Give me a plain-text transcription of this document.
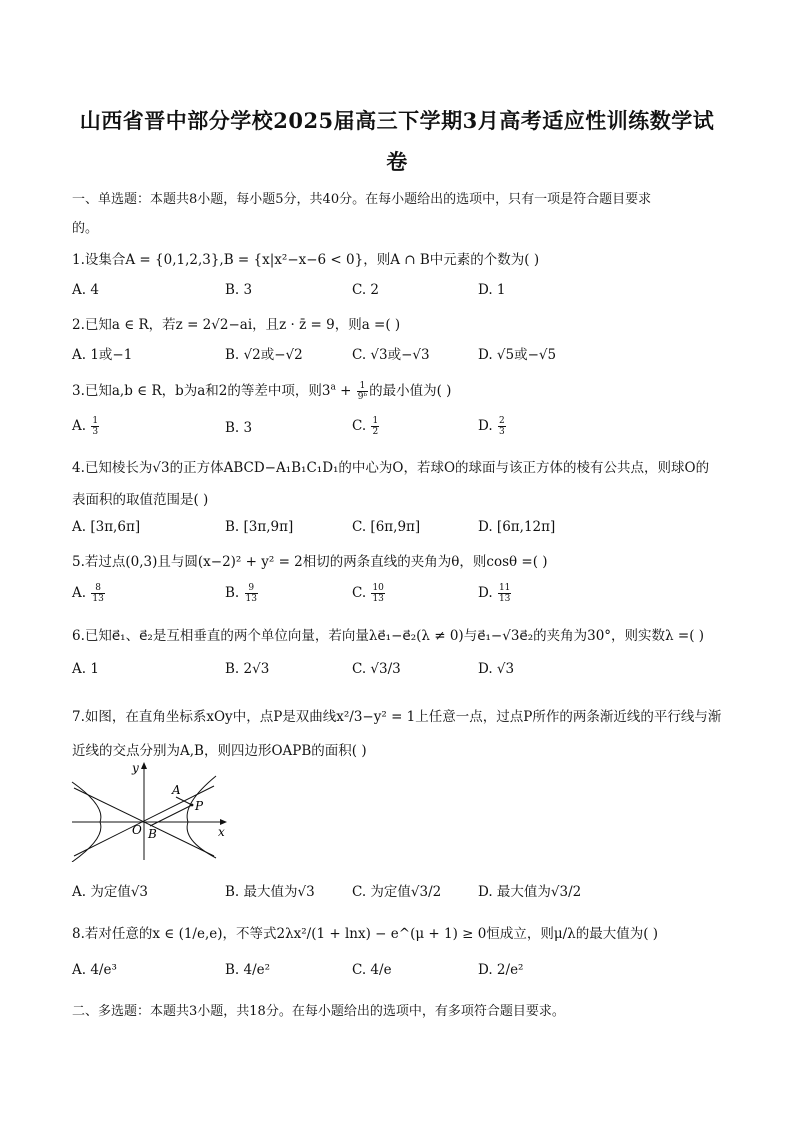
山西省晋中部分学校2025届高三下学期3月高考适应性训练数学试
卷
一、单选题：本题共8小题，每小题5分，共40分。在每小题给出的选项中，只有一项是符合题目要求
的。
1.设集合A = {0,1,2,3},B = {x|x²−x−6 < 0}，则A ∩ B中元素的个数为( )
A. 4	B. 3	C. 2	D. 1
2.已知a ∈ R，若z = 2√2−ai，且z · z̄ = 9，则a =( )
A. 1或−1	B. √2或−√2	C. √3或−√3	D. √5或−√5
3.已知a,b ∈ R，b为a和2的等差中项，则$3^a + \frac{1}{\text{9ᵇ}}$ 的最小值为( )
A. $\frac{1}{3}$	B. 3	C. $\frac{1}{2}$	D. $\frac{2}{3}$
4.已知棱长为√3的正方体ABCD−A₁B₁C₁D₁的中心为O，若球O的球面与该正方体的棱有公共点，则球O的
表面积的取值范围是( )
A. [3π,6π]	B. [3π,9π]	C. [6π,9π]	D. [6π,12π]
5.若过点(0,3)且与圆(x−2)² + y² = 2相切的两条直线的夹角为θ，则cosθ =( )
A. $\frac{8}{13}$	B. $\frac{9}{13}$	C. $\frac{10}{13}$	D. $\frac{11}{13}$
6.已知e⃗₁、e⃗₂是互相垂直的两个单位向量，若向量λe⃗₁−e⃗₂(λ ≠ 0)与e⃗₁−√3e⃗₂的夹角为30°，则实数λ =( )
A. 1	B. 2√3	C. √3/3	D. √3
7.如图，在直角坐标系xOy中，点P是双曲线x²/3−y² = 1上任意一点，过点P所作的两条渐近线的平行线与渐
近线的交点分别为A,B，则四边形OAPB的面积( )
y
x
O
A
B
P
A. 为定值√3	B. 最大值为√3	C. 为定值√3/2	D. 最大值为√3/2
8.若对任意的x ∈ (1/e,e)，不等式2λx²/(1 + lnx) − e^(μ + 1) ≥ 0恒成立，则μ/λ的最大值为( )
A. 4/e³	B. 4/e²	C. 4/e	D. 2/e²
二、多选题：本题共3小题，共18分。在每小题给出的选项中，有多项符合题目要求。
